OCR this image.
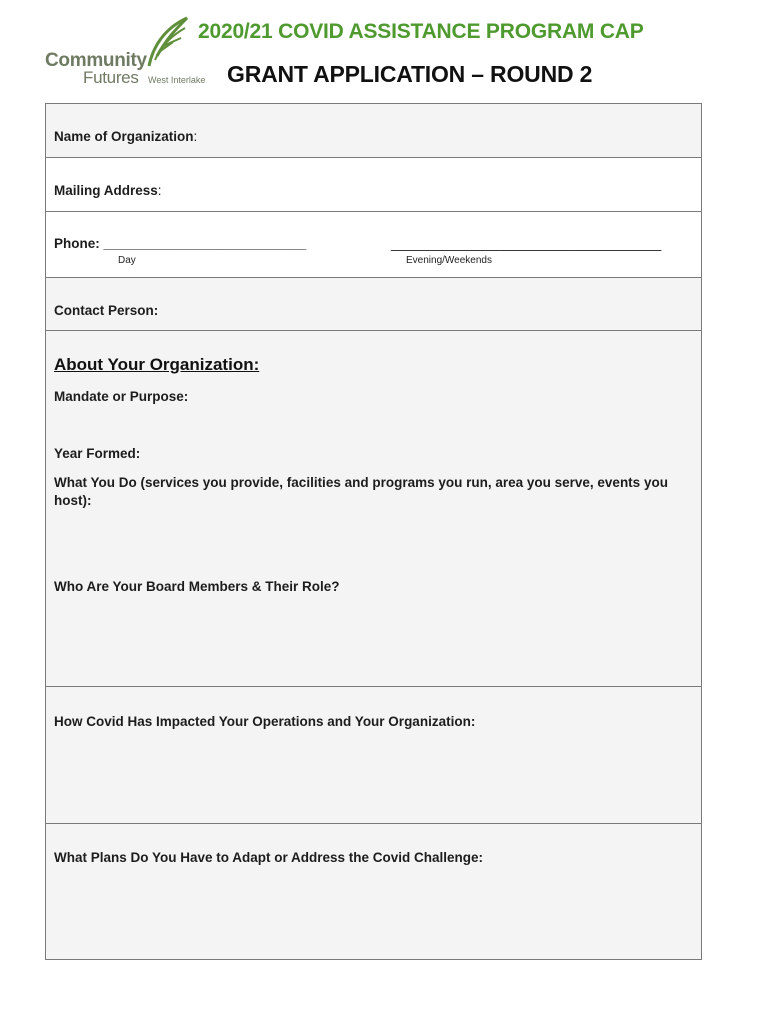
Community
Futures West Interlake
2020/21 COVID ASSISTANCE PROGRAM CAP
GRANT APPLICATION – ROUND 2
Name of Organization:
Mailing Address:
Phone: ___________________________	____________________________________
Day	Evening/Weekends
Contact Person:
About Your Organization:
Mandate or Purpose:
Year Formed:
What You Do (services you provide, facilities and programs you run, area you serve, events you host):
Who Are Your Board Members & Their Role?
How Covid Has Impacted Your Operations and Your Organization:
What Plans Do You Have to Adapt or Address the Covid Challenge:
